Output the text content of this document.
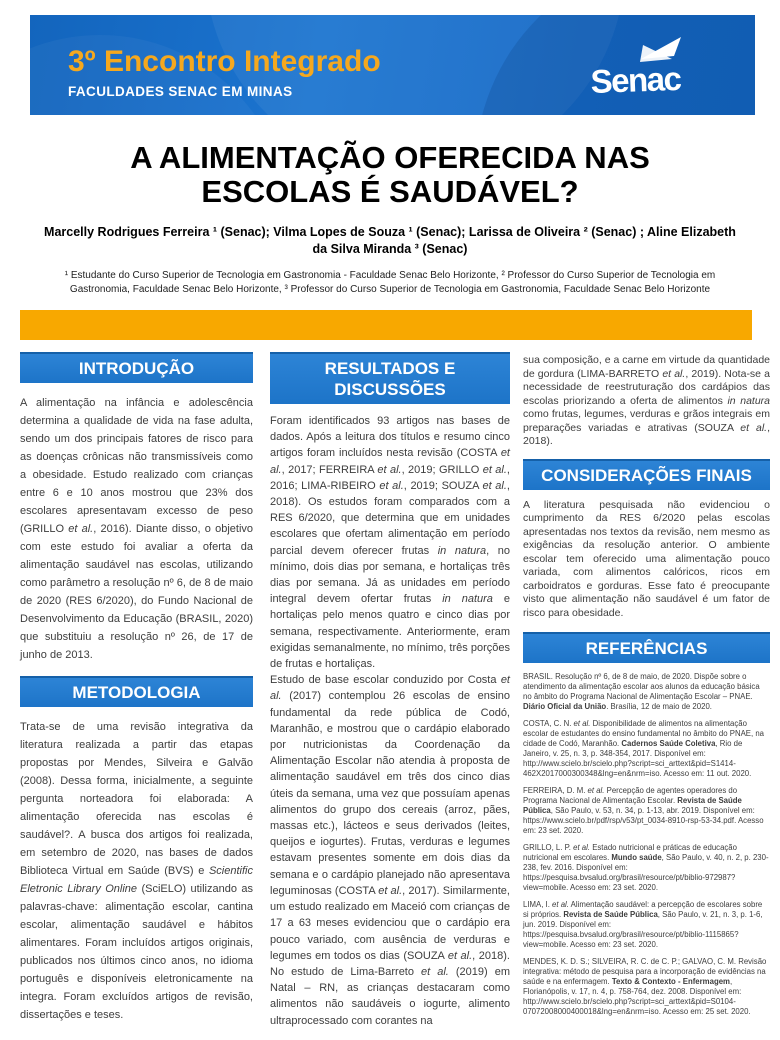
3º Encontro Integrado
FACULDADES SENAC EM MINAS	Senac
A ALIMENTAÇÃO OFERECIDA NAS
ESCOLAS É SAUDÁVEL?
Marcelly Rodrigues Ferreira ¹ (Senac); Vilma Lopes de Souza ¹ (Senac); Larissa de Oliveira ² (Senac) ; Aline Elizabeth da Silva Miranda ³ (Senac)
¹ Estudante do Curso Superior de Tecnologia em Gastronomia - Faculdade Senac Belo Horizonte, ² Professor do Curso Superior de Tecnologia em Gastronomia, Faculdade Senac Belo Horizonte, ³ Professor do Curso Superior de Tecnologia em Gastronomia, Faculdade Senac Belo Horizonte
INTRODUÇÃO

A alimentação na infância e adolescência determina a qualidade de vida na fase adulta, sendo um dos principais fatores de risco para as doenças crônicas não transmissíveis como a obesidade. Estudo realizado com crianças entre 6 e 10 anos mostrou que 23% dos escolares apresentavam excesso de peso (GRILLO et al., 2016). Diante disso, o objetivo com este estudo foi avaliar a oferta da alimentação saudável nas escolas, utilizando como parâmetro a resolução nº 6, de 8 de maio de 2020 (RES 6/2020), do Fundo Nacional de Desenvolvimento da Educação (BRASIL, 2020) que substituiu a resolução nº 26, de 17 de junho de 2013.

METODOLOGIA

Trata-se de uma revisão integrativa da literatura realizada a partir das etapas propostas por Mendes, Silveira e Galvão (2008). Dessa forma, inicialmente, a seguinte pergunta norteadora foi elaborada: A alimentação oferecida nas escolas é saudável?. A busca dos artigos foi realizada, em setembro de 2020, nas bases de dados Biblioteca Virtual em Saúde (BVS) e Scientific Eletronic Library Online (SciELO) utilizando as palavras-chave: alimentação escolar, cantina escolar, alimentação saudável e hábitos alimentares. Foram incluídos artigos originais, publicados nos últimos cinco anos, no idioma português e disponíveis eletronicamente na integra. Foram excluídos artigos de revisão, dissertações e teses.

RESULTADOS E DISCUSSÕES

Foram identificados 93 artigos nas bases de dados. Após a leitura dos títulos e resumo cinco artigos foram incluídos nesta revisão (COSTA et al., 2017; FERREIRA et al., 2019; GRILLO et al., 2016; LIMA-RIBEIRO et al., 2019; SOUZA et al., 2018). Os estudos foram comparados com a RES 6/2020, que determina que em unidades escolares que ofertam alimentação em período parcial devem oferecer frutas in natura, no mínimo, dois dias por semana, e hortaliças três dias por semana. Já as unidades em período integral devem ofertar frutas in natura e hortaliças pelo menos quatro e cinco dias por semana, respectivamente. Anteriormente, eram exigidas semanalmente, no mínimo, três porções de frutas e hortaliças.

Estudo de base escolar conduzido por Costa et al. (2017) contemplou 26 escolas de ensino fundamental da rede pública de Codó, Maranhão, e mostrou que o cardápio elaborado por nutricionistas da Coordenação da Alimentação Escolar não atendia à proposta de alimentação saudável em três dos cinco dias úteis da semana, uma vez que possuíam apenas alimentos do grupo dos cereais (arroz, pães, massas etc.), lácteos e seus derivados (leites, queijos e iogurtes). Frutas, verduras e legumes estavam presentes somente em dois dias da semana e o cardápio planejado não apresentava leguminosas (COSTA et al., 2017). Similarmente, um estudo realizado em Maceió com crianças de 17 a 63 meses evidenciou que o cardápio era pouco variado, com ausência de verduras e legumes em todos os dias (SOUZA et al., 2018). No estudo de Lima-Barreto et al. (2019) em Natal – RN, as crianças destacaram como alimentos não saudáveis o iogurte, alimento ultraprocessado com corantes na

sua composição, e a carne em virtude da quantidade de gordura (LIMA-BARRETO et al., 2019). Nota-se a necessidade de reestruturação dos cardápios das escolas priorizando a oferta de alimentos in natura como frutas, legumes, verduras e grãos integrais em preparações variadas e atrativas (SOUZA et al., 2018).

CONSIDERAÇÕES FINAIS

A literatura pesquisada não evidenciou o cumprimento da RES 6/2020 pelas escolas apresentadas nos textos da revisão, nem mesmo as exigências da resolução anterior. O ambiente escolar tem oferecido uma alimentação pouco variada, com alimentos calóricos, ricos em carboidratos e gorduras. Esse fato é preocupante visto que alimentação não saudável é um fator de risco para obesidade.

REFERÊNCIAS

BRASIL. Resolução nº 6, de 8 de maio, de 2020. Dispõe sobre o atendimento da alimentação escolar aos alunos da educação básica no âmbito do Programa Nacional de Alimentação Escolar – PNAE. Diário Oficial da União. Brasília, 12 de maio de 2020.

COSTA, C. N. et al. Disponibilidade de alimentos na alimentação escolar de estudantes do ensino fundamental no âmbito do PNAE, na cidade de Codó, Maranhão. Cadernos Saúde Coletiva, Rio de Janeiro, v. 25, n. 3, p. 348-354, 2017. Disponível em: http://www.scielo.br/scielo.php?script=sci_arttext&pid=S1414-462X2017000300348&lng=en&nrm=iso. Acesso em: 11 out. 2020.

FERREIRA, D. M. et al. Percepção de agentes operadores do Programa Nacional de Alimentação Escolar. Revista de Saúde Pública, São Paulo, v. 53, n. 34, p. 1-13, abr. 2019. Disponível em: https://www.scielo.br/pdf/rsp/v53/pt_0034-8910-rsp-53-34.pdf. Acesso em: 23 set. 2020.

GRILLO, L. P. et al. Estado nutricional e práticas de educação nutricional em escolares. Mundo saúde, São Paulo, v. 40, n. 2, p. 230-238, fev. 2016. Disponível em: https://pesquisa.bvsalud.org/brasil/resource/pt/biblio-972987?view=mobile. Acesso em: 23 set. 2020.

LIMA, I. et al. Alimentação saudável: a percepção de escolares sobre si próprios. Revista de Saúde Pública, São Paulo, v. 21, n. 3, p. 1-6, jun. 2019. Disponível em: https://pesquisa.bvsalud.org/brasil/resource/pt/biblio-1115865?view=mobile. Acesso em: 23 set. 2020.

MENDES, K. D. S.; SILVEIRA, R. C. de C. P.; GALVAO, C. M. Revisão integrativa: método de pesquisa para a incorporação de evidências na saúde e na enfermagem. Texto & Contexto - Enfermagem, Florianópolis, v. 17, n. 4, p. 758-764, dez. 2008. Disponível em: http://www.scielo.br/scielo.php?script=sci_arttext&pid=S0104-07072008000400018&lng=en&nrm=iso. Acesso em: 25 set. 2020.
